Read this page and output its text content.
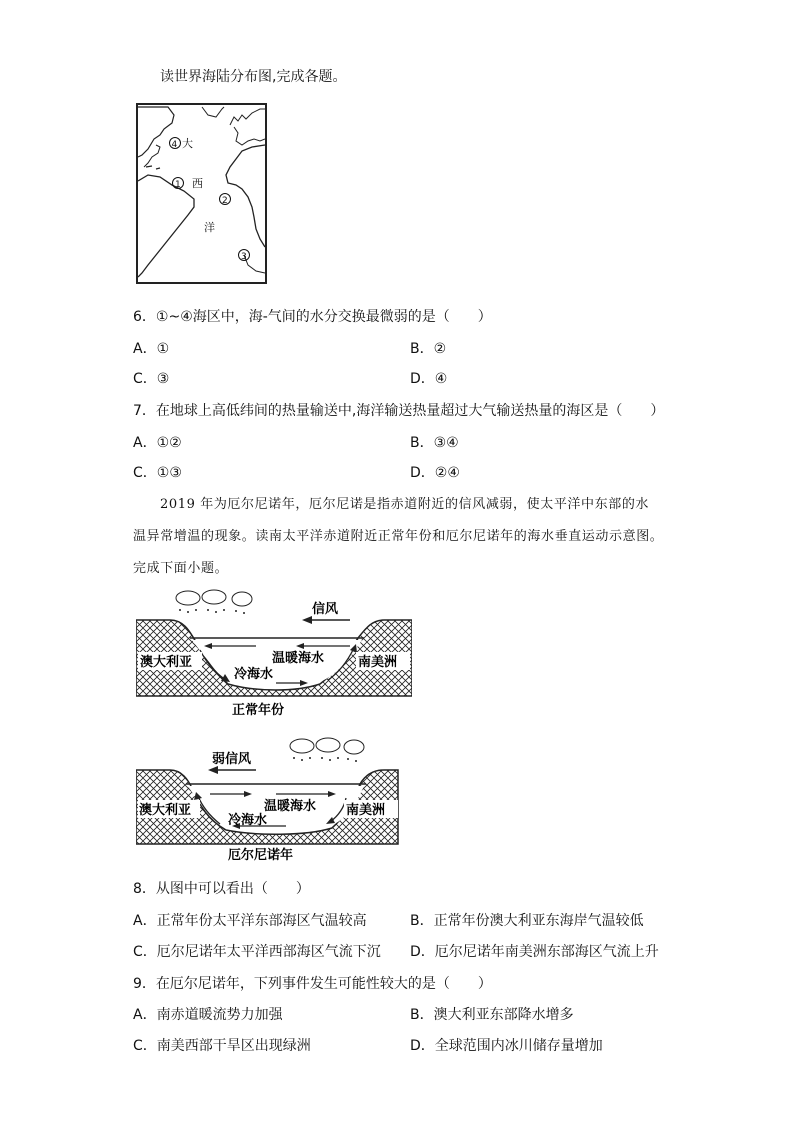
读世界海陆分布图,完成各题。
4 大
1 西
2
洋
3
6．①~④海区中，海-气间的水分交换最微弱的是（　　）
A．①	B．②
C．③	D．④
7．在地球上高低纬间的热量输送中,海洋输送热量超过大气输送热量的海区是（　　）
A．①②	B．③④
C．①③	D．②④
2019 年为厄尔尼诺年，厄尔尼诺是指赤道附近的信风减弱，使太平洋中东部的水
温异常增温的现象。读南太平洋赤道附近正常年份和厄尔尼诺年的海水垂直运动示意图。
完成下面小题。
信风
澳大利亚	南美洲
温暖海水
冷海水
正常年份
弱信风
澳大利亚	南美洲
温暖海水
冷海水
厄尔尼诺年
8．从图中可以看出（　　）
A．正常年份太平洋东部海区气温较高	B．正常年份澳大利亚东海岸气温较低
C．厄尔尼诺年太平洋西部海区气流下沉 D．厄尔尼诺年南美洲东部海区气流上升
9．在厄尔尼诺年，下列事件发生可能性较大的是（　　）
A．南赤道暖流势力加强	B．澳大利亚东部降水增多
C．南美西部干旱区出现绿洲	D．全球范围内冰川储存量增加
